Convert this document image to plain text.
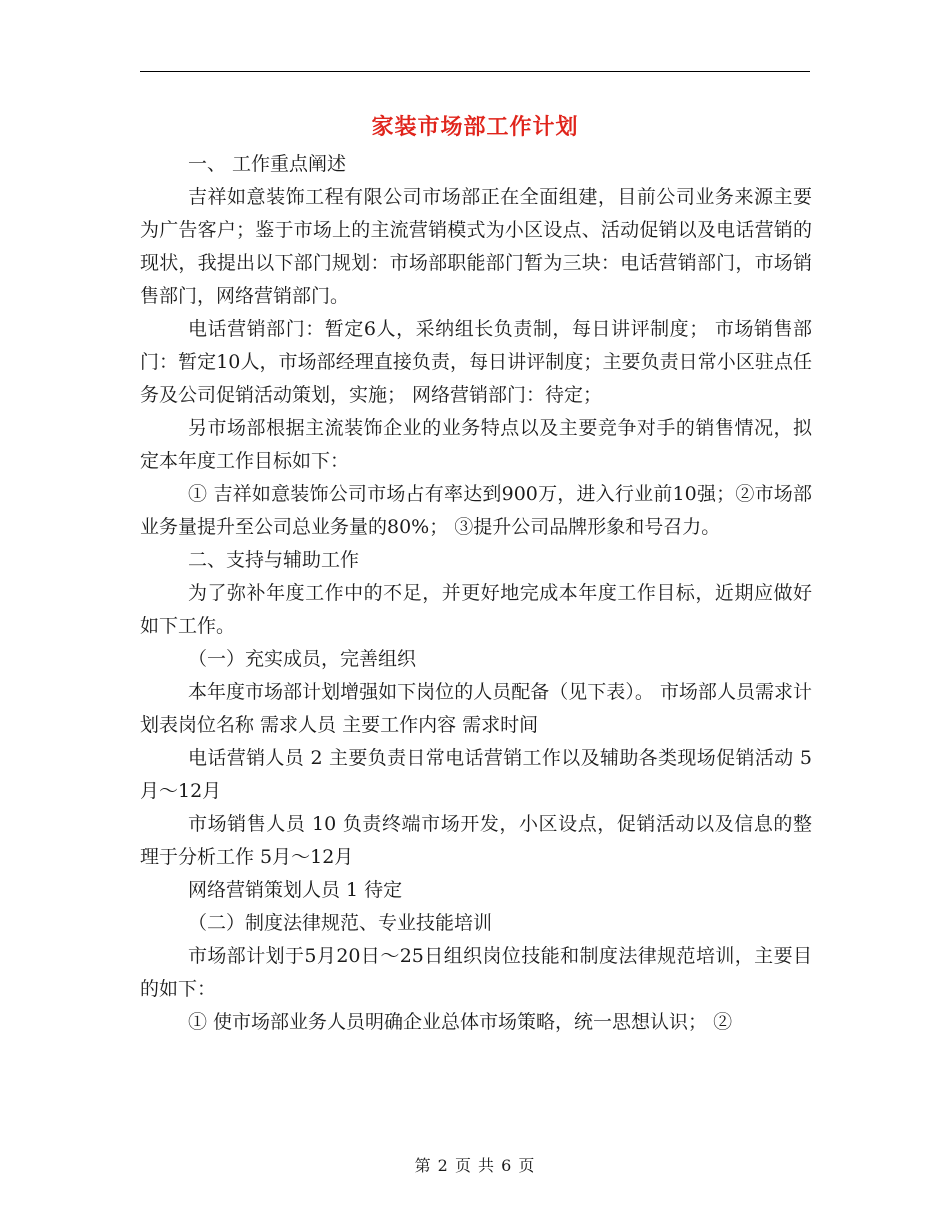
家装市场部工作计划

一、 工作重点阐述

吉祥如意装饰工程有限公司市场部正在全面组建，目前公司业务来源主要为广告客户；鉴于市场上的主流营销模式为小区设点、活动促销以及电话营销的现状，我提出以下部门规划：市场部职能部门暂为三块：电话营销部门，市场销售部门，网络营销部门。

电话营销部门：暂定6人，采纳组长负责制，每日讲评制度； 市场销售部门：暂定10人，市场部经理直接负责，每日讲评制度；主要负责日常小区驻点任务及公司促销活动策划，实施； 网络营销部门：待定；

另市场部根据主流装饰企业的业务特点以及主要竞争对手的销售情况，拟定本年度工作目标如下：

① 吉祥如意装饰公司市场占有率达到900万，进入行业前10强；②市场部业务量提升至公司总业务量的80%； ③提升公司品牌形象和号召力。

二、支持与辅助工作

为了弥补年度工作中的不足，并更好地完成本年度工作目标，近期应做好如下工作。

（一）充实成员，完善组织

本年度市场部计划增强如下岗位的人员配备（见下表）。 市场部人员需求计划表岗位名称 需求人员 主要工作内容 需求时间

电话营销人员 2 主要负责日常电话营销工作以及辅助各类现场促销活动 5月～12月

市场销售人员 10 负责终端市场开发，小区设点，促销活动以及信息的整理于分析工作 5月～12月

网络营销策划人员 1 待定

（二）制度法律规范、专业技能培训

市场部计划于5月20日～25日组织岗位技能和制度法律规范培训，主要目的如下：

① 使市场部业务人员明确企业总体市场策略，统一思想认识； ②

第 2 页 共 6 页
